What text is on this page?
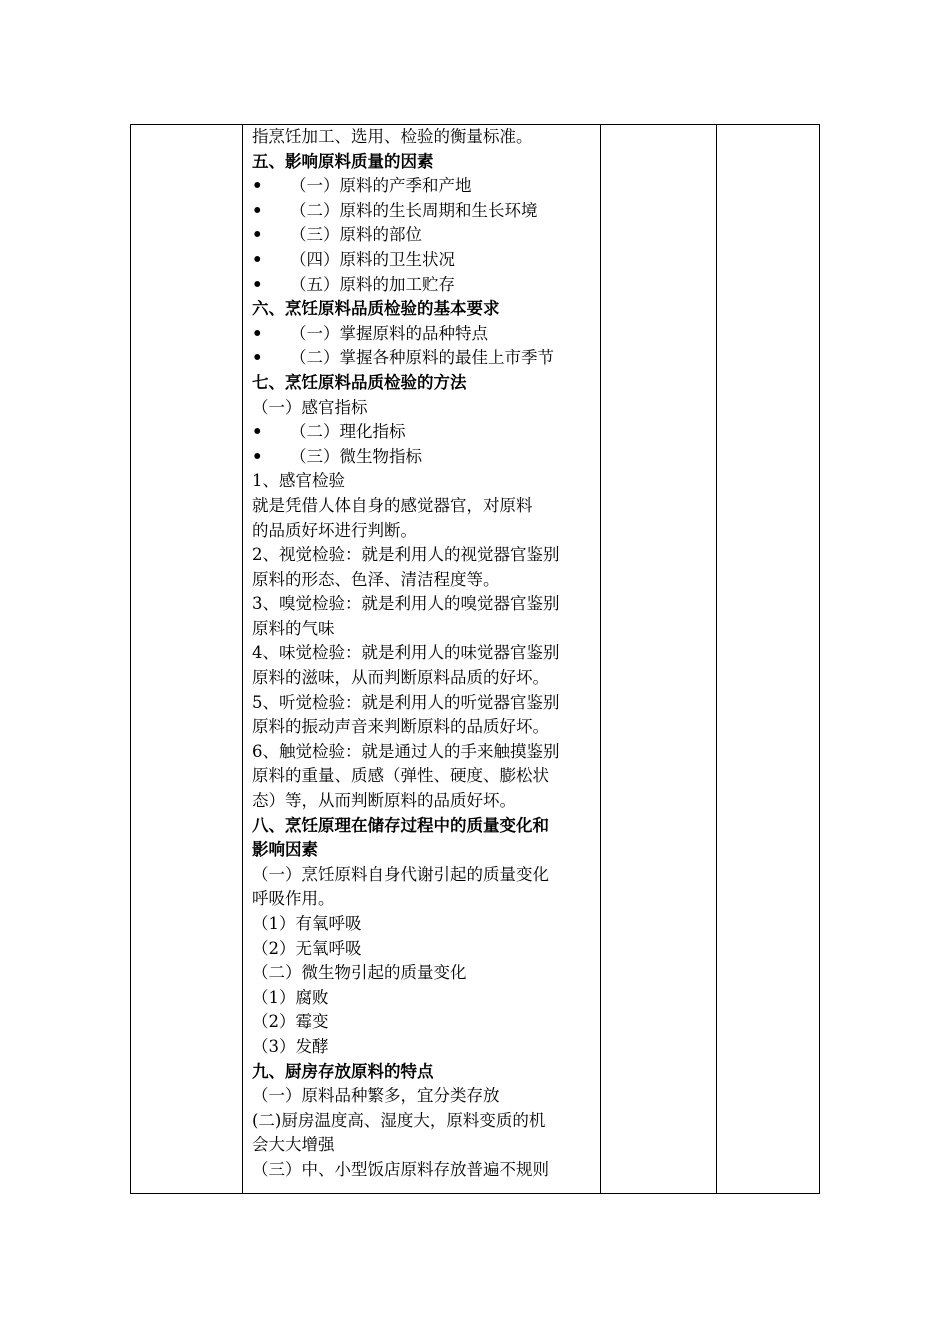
指烹饪加工、选用、检验的衡量标准。
五、影响原料质量的因素
• （一）原料的产季和产地
• （二）原料的生长周期和生长环境
• （三）原料的部位
• （四）原料的卫生状况
• （五）原料的加工贮存
六、烹饪原料品质检验的基本要求
• （一）掌握原料的品种特点
• （二）掌握各种原料的最佳上市季节
七、烹饪原料品质检验的方法
（一）感官指标
• （二）理化指标
• （三）微生物指标
1、感官检验
就是凭借人体自身的感觉器官，对原料
的品质好坏进行判断。
2、视觉检验：就是利用人的视觉器官鉴别
原料的形态、色泽、清洁程度等。
3、嗅觉检验：就是利用人的嗅觉器官鉴别
原料的气味
4、味觉检验：就是利用人的味觉器官鉴别
原料的滋味，从而判断原料品质的好坏。
5、听觉检验：就是利用人的听觉器官鉴别
原料的振动声音来判断原料的品质好坏。
6、触觉检验：就是通过人的手来触摸鉴别
原料的重量、质感（弹性、硬度、膨松状
态）等，从而判断原料的品质好坏。
八、烹饪原理在储存过程中的质量变化和
影响因素
（一）烹饪原料自身代谢引起的质量变化
呼吸作用。
（1）有氧呼吸
（2）无氧呼吸
（二）微生物引起的质量变化
（1）腐败
（2）霉变
（3）发酵
九、厨房存放原料的特点
（一）原料品种繁多，宜分类存放
(二)厨房温度高、湿度大，原料变质的机
会大大增强
（三）中、小型饭店原料存放普遍不规则
